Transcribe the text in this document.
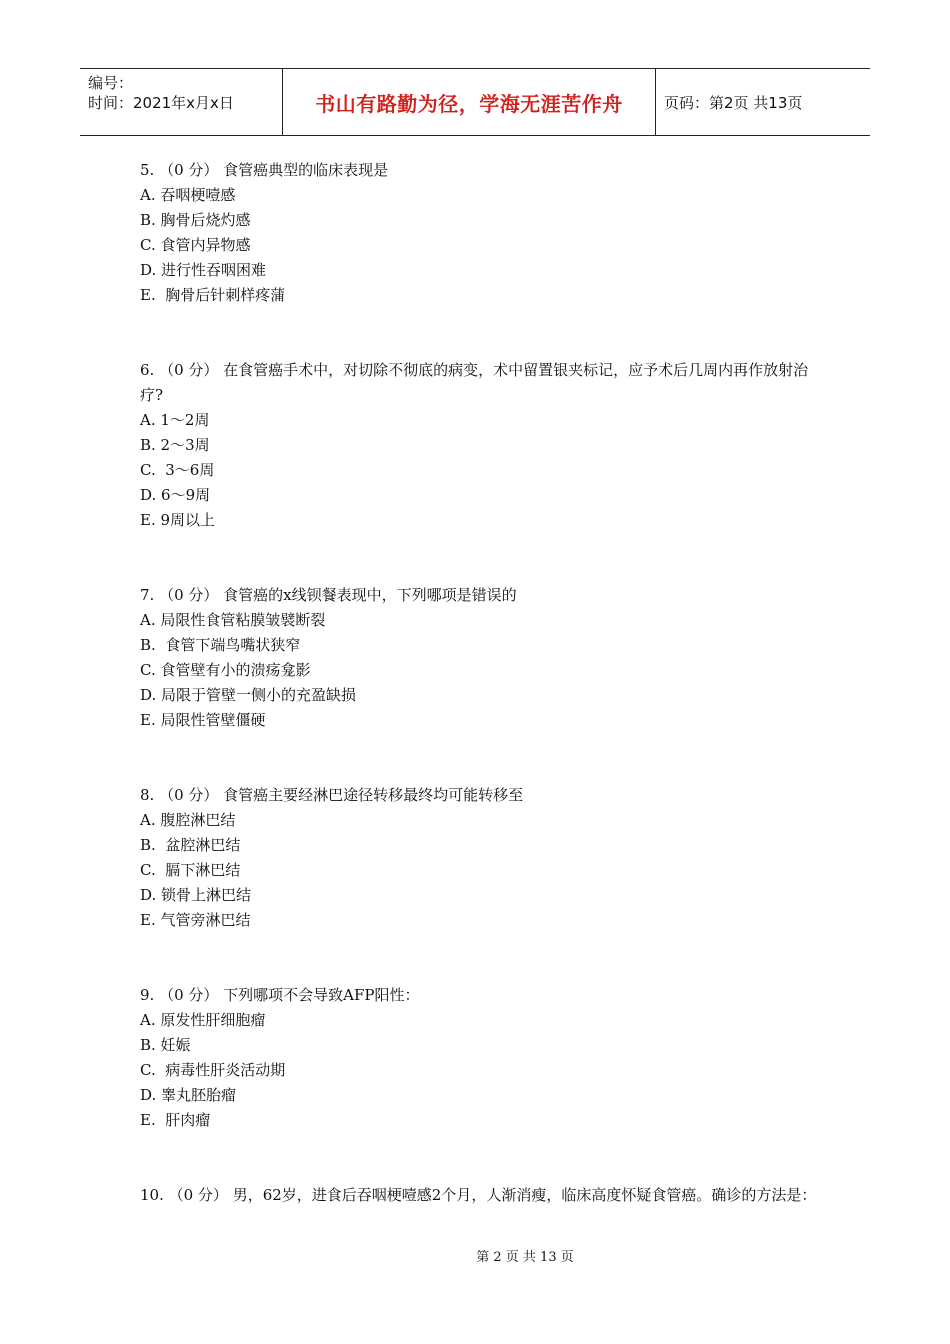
编号：
时间：2021年x月x日	书山有路勤为径，学海无涯苦作舟	页码：第2页 共13页

5. （0 分） 食管癌典型的临床表现是

A. 吞咽梗噎感

B. 胸骨后烧灼感

C. 食管内异物感

D. 进行性吞咽困难

E.  胸骨后针刺样疼蒲

6. （0 分） 在食管癌手术中，对切除不彻底的病变，术中留置银夹标记，应予术后几周内再作放射治疗?

A. 1～2周

B. 2～3周

C.  3～6周

D. 6～9周

E. 9周以上

7. （0 分） 食管癌的x线钡餐表现中，下列哪项是错误的

A. 局限性食管粘膜皱襞断裂

B.  食管下端鸟嘴状狭窄

C. 食管壁有小的溃疡龛影

D. 局限于管壁一侧小的充盈缺损

E. 局限性管壁僵硬

8. （0 分） 食管癌主要经淋巴途径转移最终均可能转移至

A. 腹腔淋巴结

B.  盆腔淋巴结

C.  膈下淋巴结

D. 锁骨上淋巴结

E. 气管旁淋巴结

9. （0 分） 下列哪项不会导致AFP阳性：

A. 原发性肝细胞瘤

B. 妊娠

C.  病毒性肝炎活动期

D. 睾丸胚胎瘤

E.  肝肉瘤

10. （0 分） 男，62岁，进食后吞咽梗噎感2个月，人渐消瘦，临床高度怀疑食管癌。确诊的方法是：

第 2 页 共 13 页
